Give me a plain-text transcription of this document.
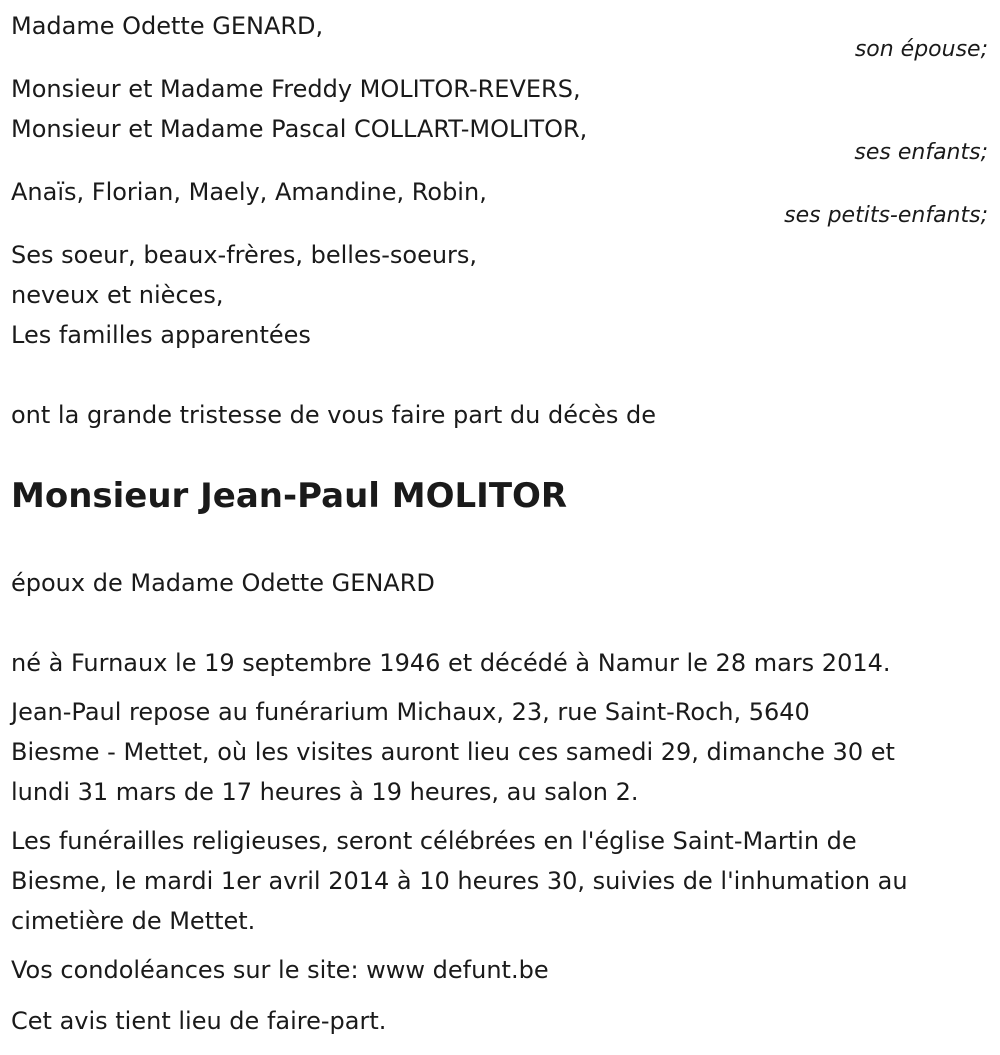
Madame Odette GENARD,
son épouse;
Monsieur et Madame Freddy MOLITOR-REVERS,
Monsieur et Madame Pascal COLLART-MOLITOR,
ses enfants;
Anaïs, Florian, Maely, Amandine, Robin,
ses petits-enfants;
Ses soeur, beaux-frères, belles-soeurs,
neveux et nièces,
Les familles apparentées
ont la grande tristesse de vous faire part du décès de
Monsieur Jean-Paul MOLITOR
époux de Madame Odette GENARD
né à Furnaux le 19 septembre 1946 et décédé à Namur le 28 mars 2014.
Jean-Paul repose au funérarium Michaux, 23, rue Saint-Roch, 5640
Biesme - Mettet, où les visites auront lieu ces samedi 29, dimanche 30 et
lundi 31 mars de 17 heures à 19 heures, au salon 2.
Les funérailles religieuses, seront célébrées en l'église Saint-Martin de
Biesme, le mardi 1er avril 2014 à 10 heures 30, suivies de l'inhumation au
cimetière de Mettet.
Vos condoléances sur le site: www defunt.be
Cet avis tient lieu de faire-part.
